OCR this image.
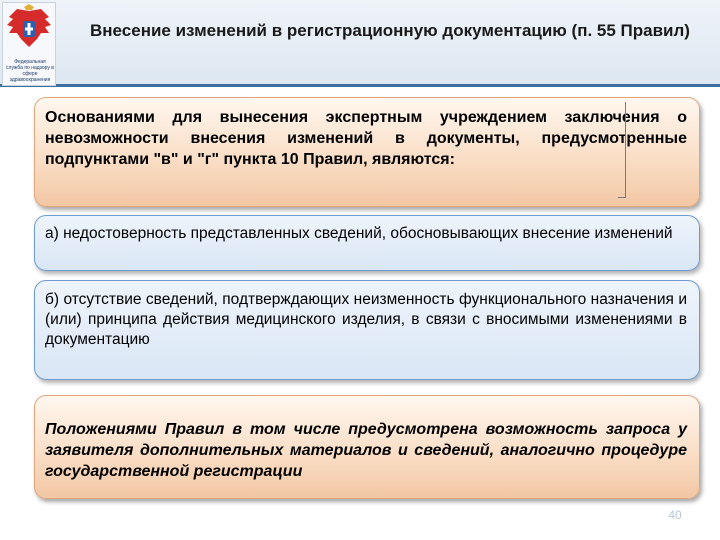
Федеральная служба по надзору в сфере здравоохранения
Внесение изменений в регистрационную документацию (п. 55 Правил)

Основаниями для вынесения экспертным учреждением заключения о невозможности внесения изменений в документы, предусмотренные подпунктами "в" и "г" пункта 10 Правил, являются:

а) недостоверность представленных сведений, обосновывающих внесение изменений

б) отсутствие сведений, подтверждающих неизменность функционального назначения и (или) принципа действия медицинского изделия, в связи с вносимыми изменениями в документацию

Положениями Правил в том числе предусмотрена возможность запроса у заявителя дополнительных материалов и сведений, аналогично процедуре государственной регистрации

40
